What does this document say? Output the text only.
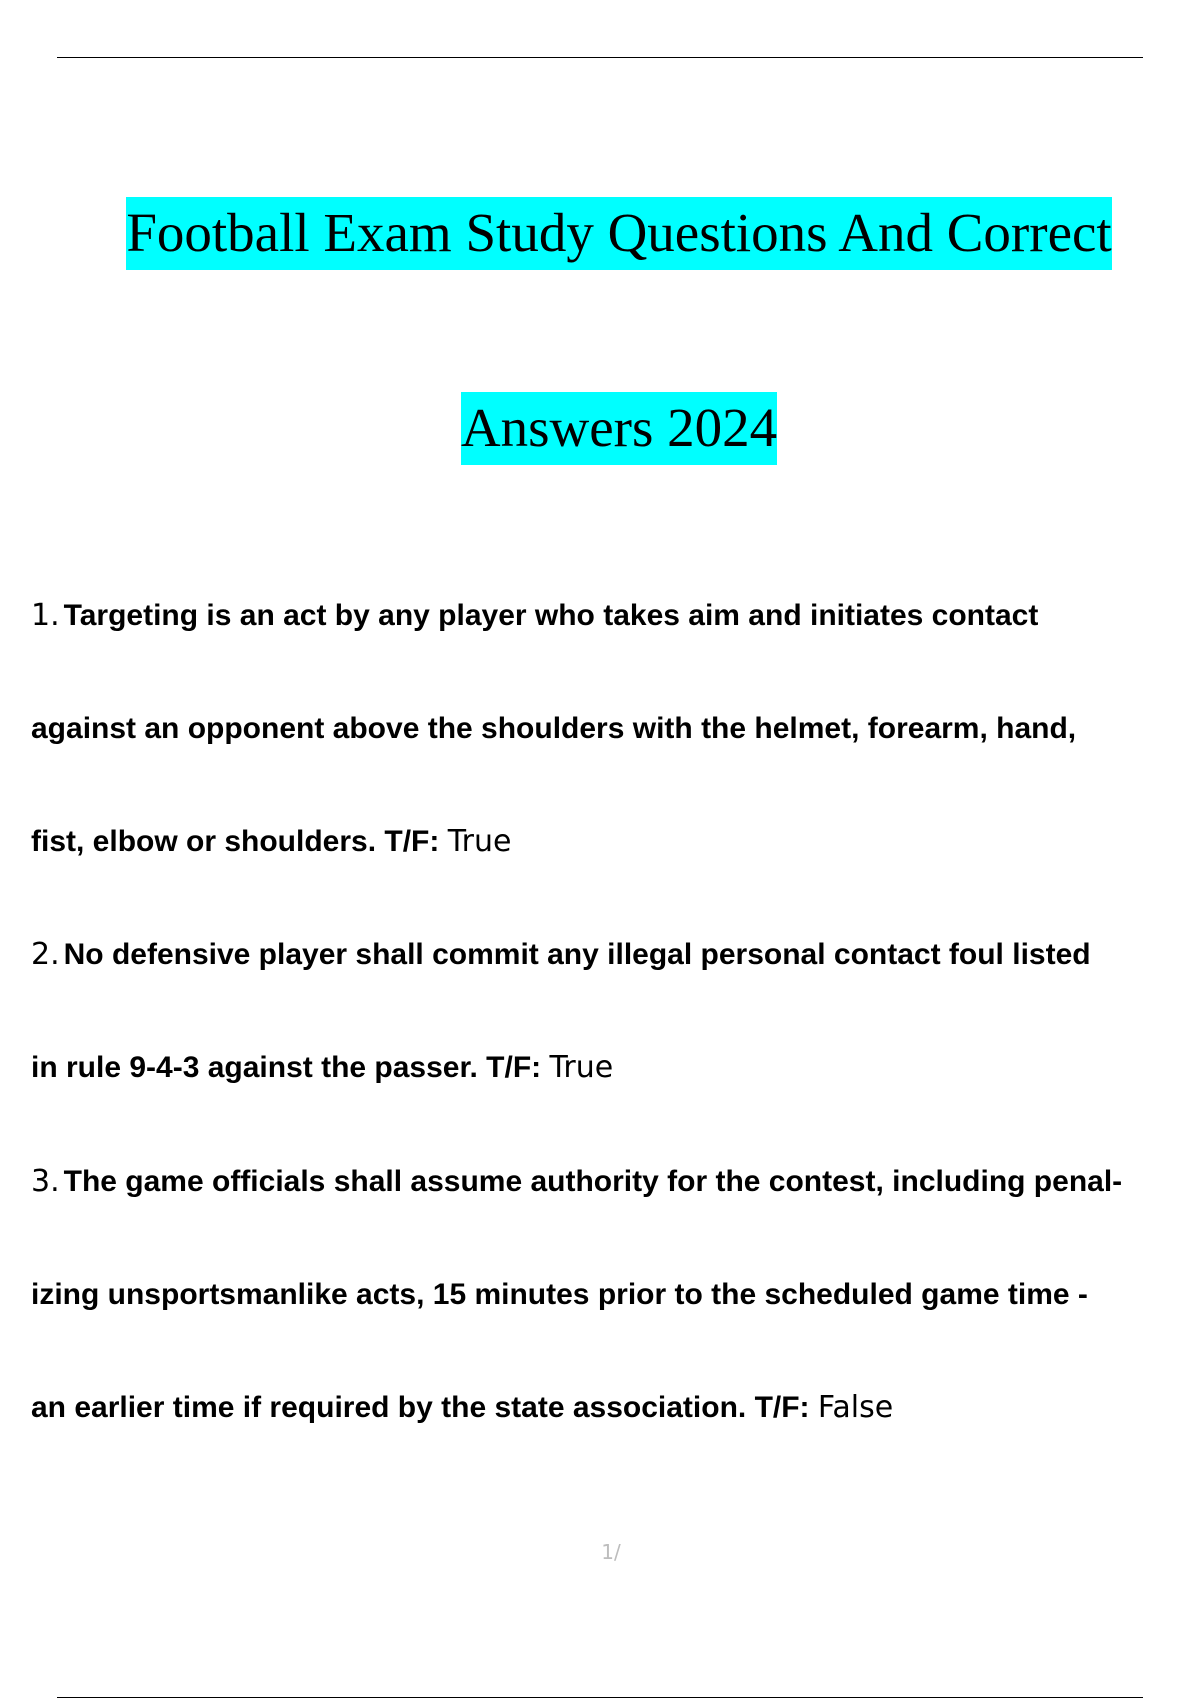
Football Exam Study Questions And Correct
Answers 2024
1. Targeting is an act by any player who takes aim and initiates contact
against an opponent above the shoulders with the helmet, forearm, hand,
fist, elbow or shoulders. T/F: True
2. No defensive player shall commit any illegal personal contact foul listed
in rule 9-4-3 against the passer. T/F: True
3. The game officials shall assume authority for the contest, including penal-
izing unsportsmanlike acts, 15 minutes prior to the scheduled game time -
an earlier time if required by the state association. T/F: False
1/
